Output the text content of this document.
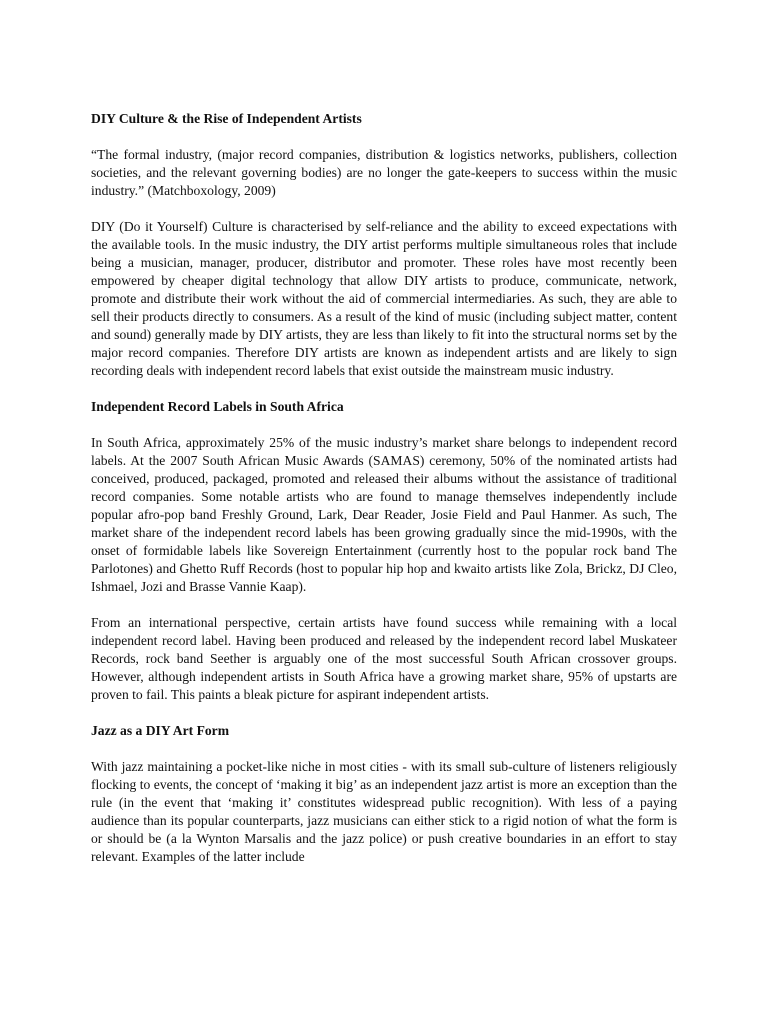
DIY Culture & the Rise of Independent Artists

“The formal industry, (major record companies, distribution & logistics networks, publishers, collection societies, and the relevant governing bodies) are no longer the gate-keepers to success within the music industry.” (Matchboxology, 2009)

DIY (Do it Yourself) Culture is characterised by self-reliance and the ability to exceed expectations with the available tools. In the music industry, the DIY artist performs multiple simultaneous roles that include being a musician, manager, producer, distributor and promoter. These roles have most recently been empowered by cheaper digital technology that allow DIY artists to produce, communicate, network, promote and distribute their work without the aid of commercial intermediaries. As such, they are able to sell their products directly to consumers. As a result of the kind of music (including subject matter, content and sound) generally made by DIY artists, they are less than likely to fit into the structural norms set by the major record companies. Therefore DIY artists are known as independent artists and are likely to sign recording deals with independent record labels that exist outside the mainstream music industry.

Independent Record Labels in South Africa

In South Africa, approximately 25% of the music industry’s market share belongs to independent record labels. At the 2007 South African Music Awards (SAMAS) ceremony, 50% of the nominated artists had conceived, produced, packaged, promoted and released their albums without the assistance of traditional record companies. Some notable artists who are found to manage themselves independently include popular afro-pop band Freshly Ground, Lark, Dear Reader, Josie Field and Paul Hanmer. As such, The market share of the independent record labels has been growing gradually since the mid-1990s, with the onset of formidable labels like Sovereign Entertainment (currently host to the popular rock band The Parlotones) and Ghetto Ruff Records (host to popular hip hop and kwaito artists like Zola, Brickz, DJ Cleo, Ishmael, Jozi and Brasse Vannie Kaap).

From an international perspective, certain artists have found success while remaining with a local independent record label. Having been produced and released by the independent record label Muskateer Records, rock band Seether is arguably one of the most successful South African crossover groups. However, although independent artists in South Africa have a growing market share, 95% of upstarts are proven to fail. This paints a bleak picture for aspirant independent artists.

Jazz as a DIY Art Form

With jazz maintaining a pocket-like niche in most cities - with its small sub-culture of listeners religiously flocking to events, the concept of ‘making it big’ as an independent jazz artist is more an exception than the rule (in the event that ‘making it’ constitutes widespread public recognition). With less of a paying audience than its popular counterparts, jazz musicians can either stick to a rigid notion of what the form is or should be (a la Wynton Marsalis and the jazz police) or push creative boundaries in an effort to stay relevant. Examples of the latter include
